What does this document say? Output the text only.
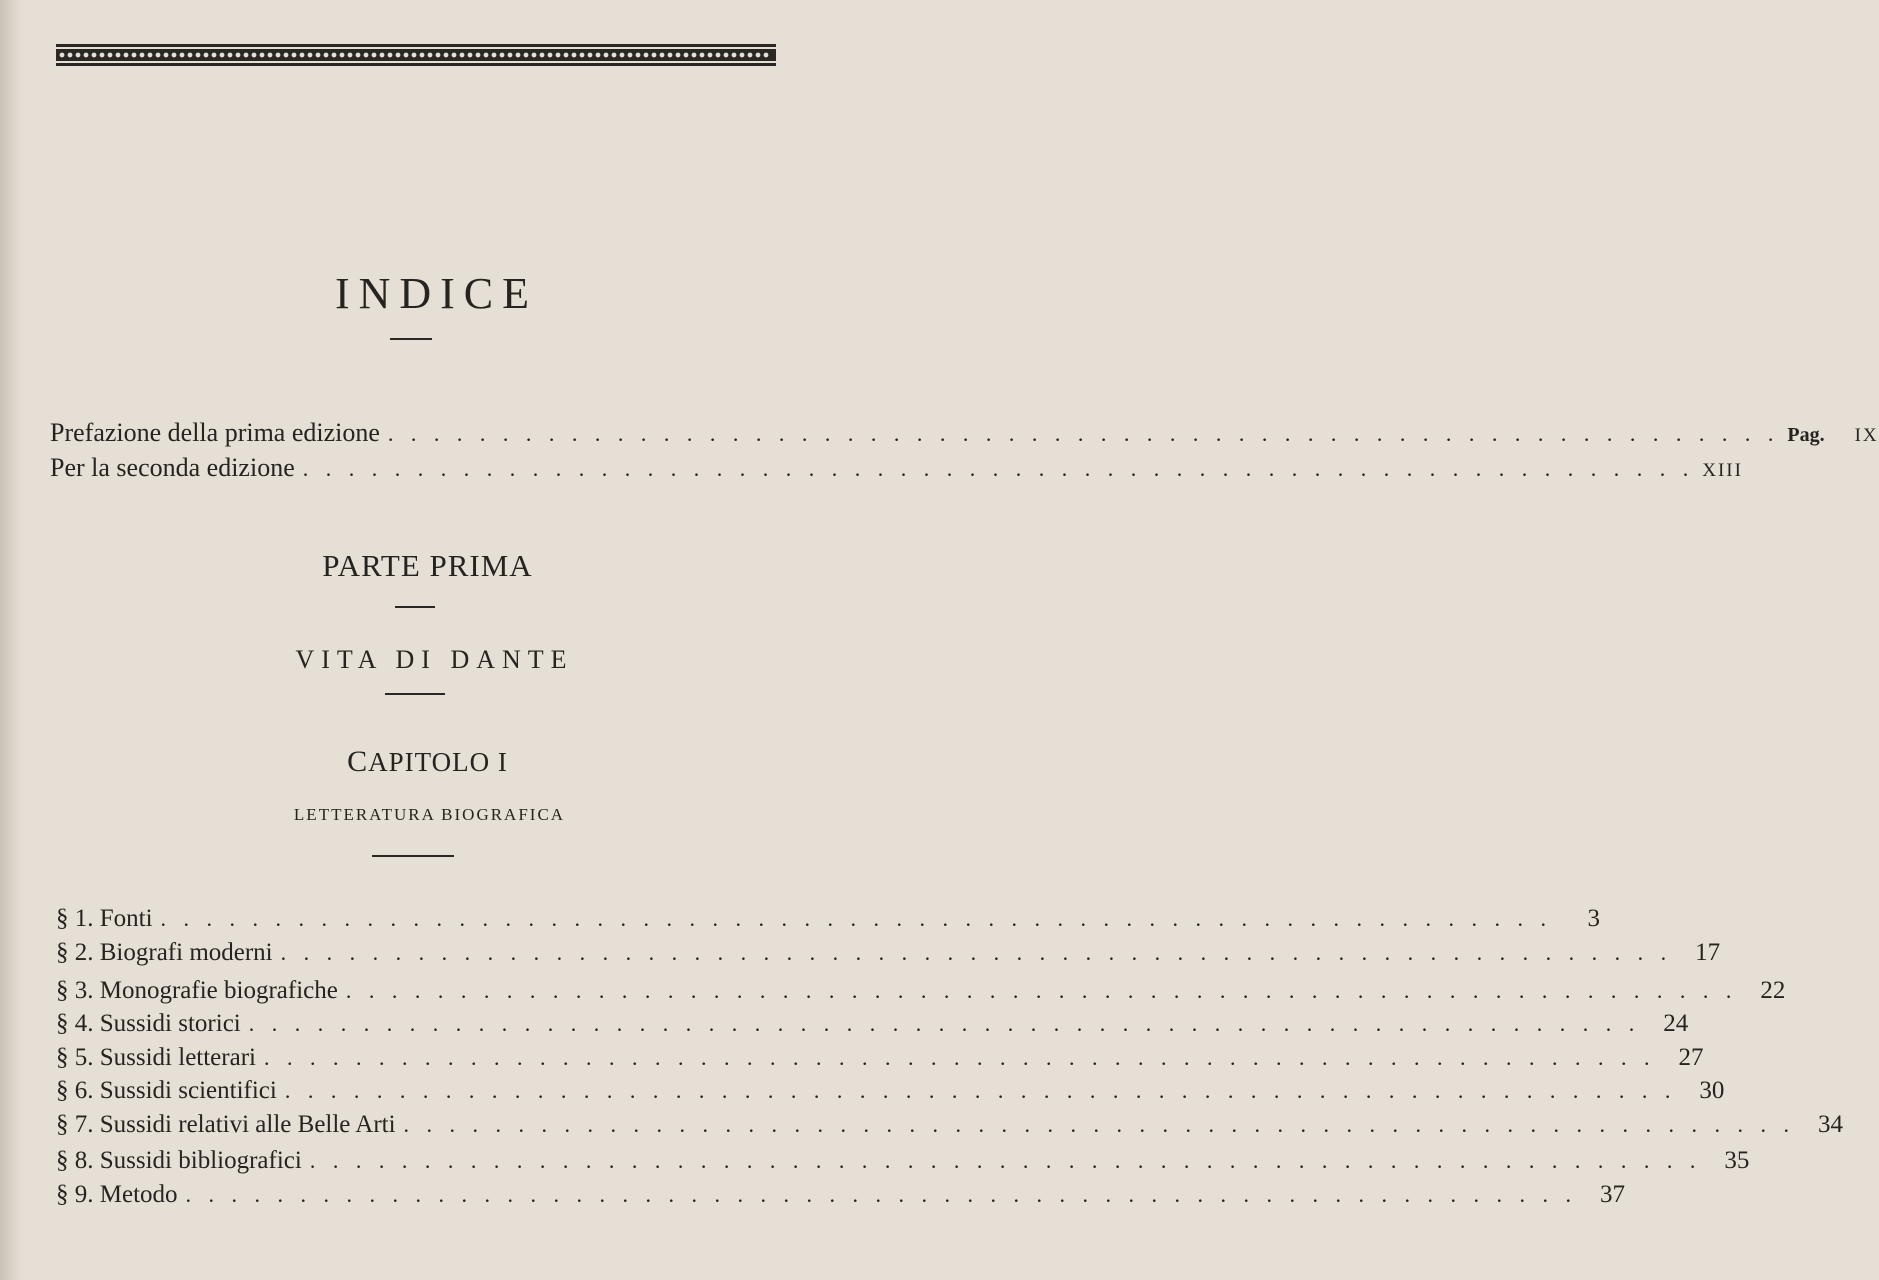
INDICE
Prefazione della prima edizione . . . . . . . . . . . . . . . . . . . . . . . . . . . . . . . . . . . . . . . . . . . . . . . . . . . . . . . . . . . . . Pag.	IX
Per la seconda edizione . . . . . . . . . . . . . . . . . . . . . . . . . . . . . . . . . . . . . . . . . . . . . . . . . . . . . . . . . . . . . XIII
PARTE PRIMA
VITA DI DANTE
CAPITOLO I
LETTERATURA BIOGRAFICA
§ 1. Fonti . . . . . . . . . . . . . . . . . . . . . . . . . . . . . . . . . . . . . . . . . . . . . . . . . . . . . . . . . . . . .	3
§ 2. Biografi moderni . . . . . . . . . . . . . . . . . . . . . . . . . . . . . . . . . . . . . . . . . . . . . . . . . . . . . . . . . . . . . 17
§ 3. Monografie biografiche . . . . . . . . . . . . . . . . . . . . . . . . . . . . . . . . . . . . . . . . . . . . . . . . . . . . . . . . . . . . . 22
§ 4. Sussidi storici . . . . . . . . . . . . . . . . . . . . . . . . . . . . . . . . . . . . . . . . . . . . . . . . . . . . . . . . . . . . . 24
§ 5. Sussidi letterari . . . . . . . . . . . . . . . . . . . . . . . . . . . . . . . . . . . . . . . . . . . . . . . . . . . . . . . . . . . . . 27
§ 6. Sussidi scientifici . . . . . . . . . . . . . . . . . . . . . . . . . . . . . . . . . . . . . . . . . . . . . . . . . . . . . . . . . . . . . 30
§ 7. Sussidi relativi alle Belle Arti . . . . . . . . . . . . . . . . . . . . . . . . . . . . . . . . . . . . . . . . . . . . . . . . . . . . . . . . . . . . . 34
§ 8. Sussidi bibliografici . . . . . . . . . . . . . . . . . . . . . . . . . . . . . . . . . . . . . . . . . . . . . . . . . . . . . . . . . . . . . 35
§ 9. Metodo . . . . . . . . . . . . . . . . . . . . . . . . . . . . . . . . . . . . . . . . . . . . . . . . . . . . . . . . . . . . . 37
